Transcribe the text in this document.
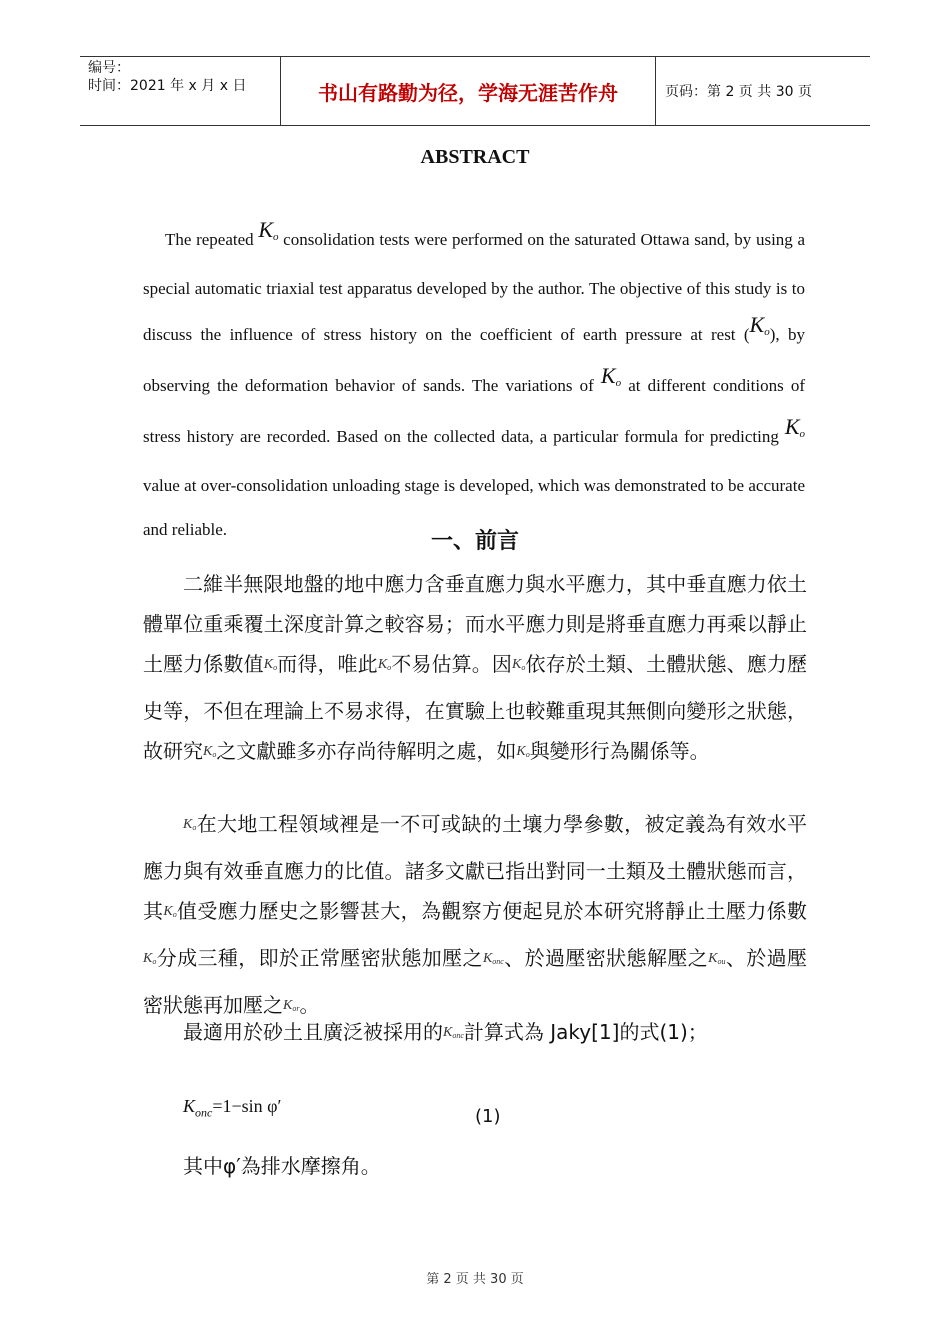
编号：
时间：2021 年 x 月 x 日	书山有路勤为径，学海无涯苦作舟	页码：第 2 页 共 30 页
ABSTRACT
The repeated $K_o$ consolidation tests were performed on the saturated Ottawa sand, by using a special automatic triaxial test apparatus developed by the author. The objective of this study is to discuss the influence of stress history on the coefficient of earth pressure at rest $(K_o)$, by observing the deformation behavior of sands. The variations of $K_o$ at different conditions of stress history are recorded. Based on the collected data, a particular formula for predicting $K_o$ value at over-consolidation unloading stage is developed, which was demonstrated to be accurate and reliable.	一、前言
二維半無限地盤的地中應力含垂直應力與水平應力，其中垂直應力依土體單位重乘覆土深度計算之較容易；而水平應力則是將垂直應力再乘以靜止土壓力係數值$K_o$而得，唯此$K_o$不易估算。因$K_o$依存於土類、土體狀態、應力歷史等，不但在理論上不易求得，在實驗上也較難重現其無側向變形之狀態，故研究$K_o$之文獻雖多亦存尚待解明之處，如$K_o$與變形行為關係等。
$K_o$在大地工程領域裡是一不可或缺的土壤力學參數，被定義為有效水平應力與有效垂直應力的比值。諸多文獻已指出對同一土類及土體狀態而言，其$K_o$值受應力歷史之影響甚大，為觀察方便起見於本研究將靜止土壓力係數$K_o$分成三種，即於正常壓密狀態加壓之$K_{onc}$、於過壓密狀態解壓之$K_{ou}$、於過壓密狀態再加壓之$K_{or}$。
最適用於砂土且廣泛被採用的$K_{onc}$計算式為 Jaky[1]的式(1)；
$K_{onc}=1-\sin$ φ′	(1)
其中φ′為排水摩擦角。
第 2 页 共 30 页
